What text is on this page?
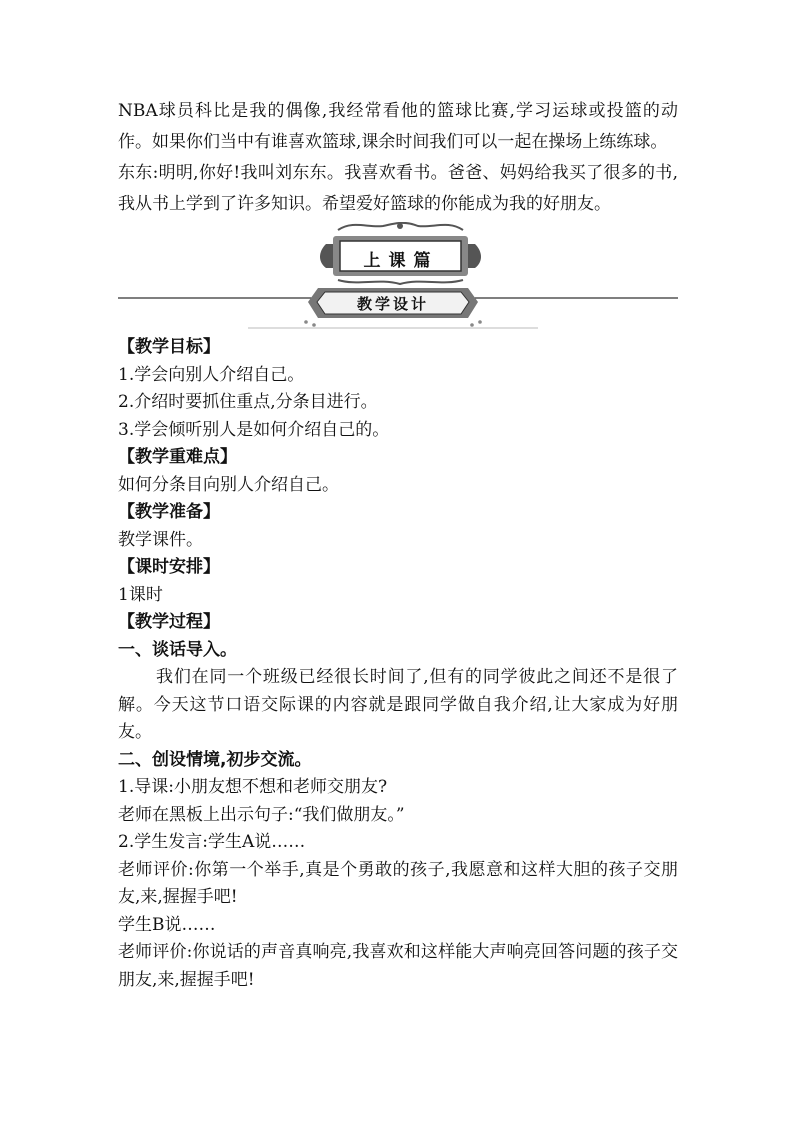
NBA球员科比是我的偶像,我经常看他的篮球比赛,学习运球或投篮的动作。如果你们当中有谁喜欢篮球,课余时间我们可以一起在操场上练练球。

东东:明明,你好!我叫刘东东。我喜欢看书。爸爸、妈妈给我买了很多的书,我从书上学到了许多知识。希望爱好篮球的你能成为我的好朋友。

上课篇
教学设计

【教学目标】

1.学会向别人介绍自己。

2.介绍时要抓住重点,分条目进行。

3.学会倾听别人是如何介绍自己的。

【教学重难点】

如何分条目向别人介绍自己。

【教学准备】

教学课件。

【课时安排】

1课时

【教学过程】

一、谈话导入。

我们在同一个班级已经很长时间了,但有的同学彼此之间还不是很了解。今天这节口语交际课的内容就是跟同学做自我介绍,让大家成为好朋友。

二、创设情境,初步交流。

1.导课:小朋友想不想和老师交朋友?

老师在黑板上出示句子:“我们做朋友。”

2.学生发言:学生A说……

老师评价:你第一个举手,真是个勇敢的孩子,我愿意和这样大胆的孩子交朋友,来,握握手吧!

学生B说……

老师评价:你说话的声音真响亮,我喜欢和这样能大声响亮回答问题的孩子交朋友,来,握握手吧!
